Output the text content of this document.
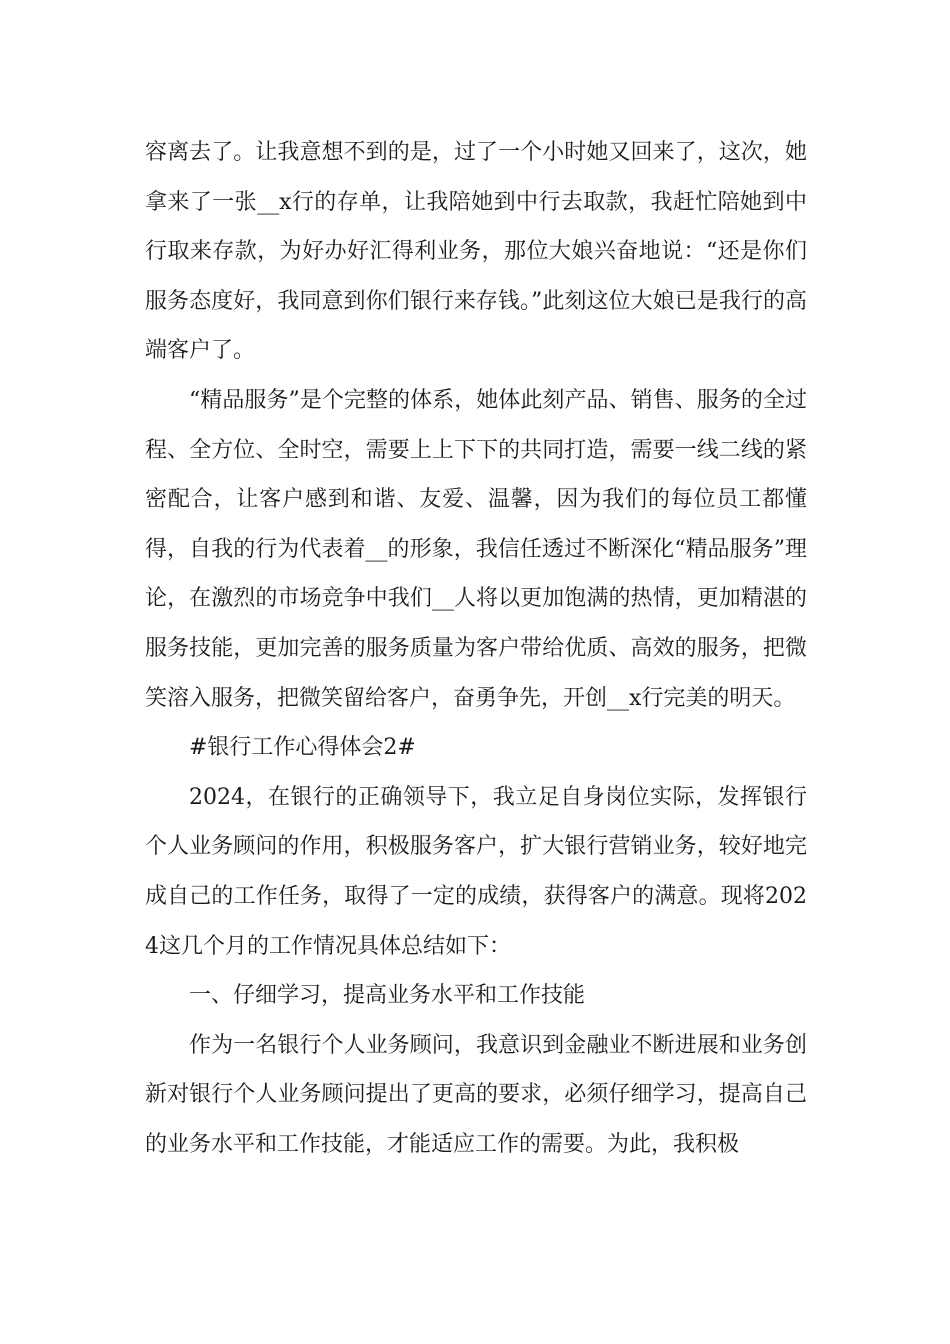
容离去了。让我意想不到的是，过了一个小时她又回来了，这次，她拿来了一张__x行的存单，让我陪她到中行去取款，我赶忙陪她到中行取来存款，为好办好汇得利业务，那位大娘兴奋地说：“还是你们服务态度好，我同意到你们银行来存钱。”此刻这位大娘已是我行的高端客户了。

“精品服务”是个完整的体系，她体此刻产品、销售、服务的全过程、全方位、全时空，需要上上下下的共同打造，需要一线二线的紧密配合，让客户感到和谐、友爱、温馨，因为我们的每位员工都懂得，自我的行为代表着__的形象，我信任透过不断深化“精品服务”理论，在激烈的市场竞争中我们__人将以更加饱满的热情，更加精湛的服务技能，更加完善的服务质量为客户带给优质、高效的服务，把微笑溶入服务，把微笑留给客户，奋勇争先，开创__x行完美的明天。

#银行工作心得体会2#

2024，在银行的正确领导下，我立足自身岗位实际，发挥银行个人业务顾问的作用，积极服务客户，扩大银行营销业务，较好地完成自己的工作任务，取得了一定的成绩，获得客户的满意。现将2024这几个月的工作情况具体总结如下：

一、仔细学习，提高业务水平和工作技能

作为一名银行个人业务顾问，我意识到金融业不断进展和业务创新对银行个人业务顾问提出了更高的要求，必须仔细学习，提高自己的业务水平和工作技能，才能适应工作的需要。为此，我积极
